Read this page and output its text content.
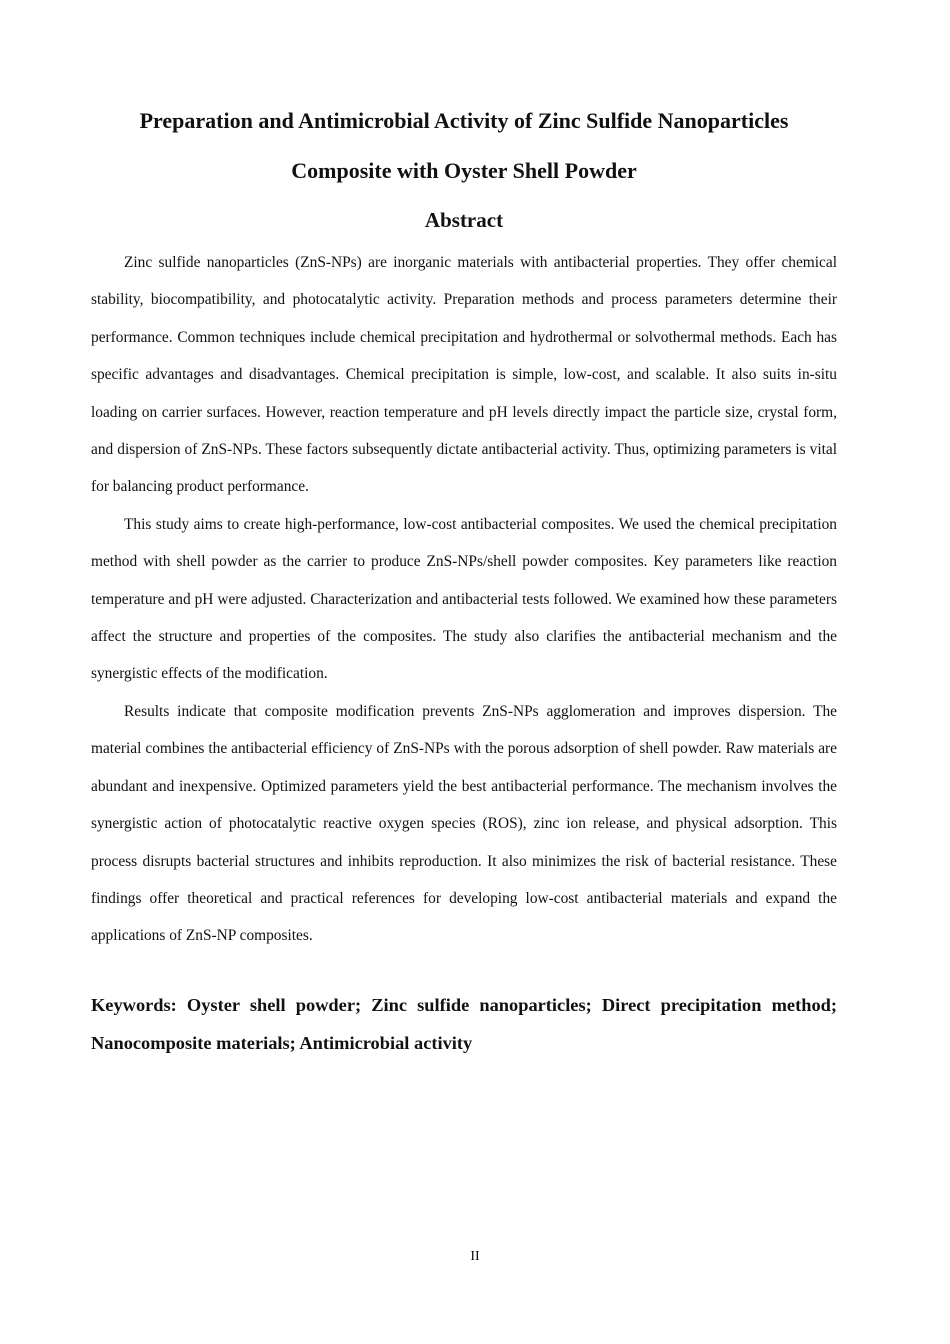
Preparation and Antimicrobial Activity of Zinc Sulfide Nanoparticles
Composite with Oyster Shell Powder
Abstract

Zinc sulfide nanoparticles (ZnS-NPs) are inorganic materials with antibacterial properties. They offer chemical stability, biocompatibility, and photocatalytic activity. Preparation methods and process parameters determine their performance. Common techniques include chemical precipitation and hydrothermal or solvothermal methods. Each has specific advantages and disadvantages. Chemical precipitation is simple, low-cost, and scalable. It also suits in-situ loading on carrier surfaces. However, reaction temperature and pH levels directly impact the particle size, crystal form, and dispersion of ZnS-NPs. These factors subsequently dictate antibacterial activity. Thus, optimizing parameters is vital for balancing product performance.

This study aims to create high-performance, low-cost antibacterial composites. We used the chemical precipitation method with shell powder as the carrier to produce ZnS-NPs/shell powder composites. Key parameters like reaction temperature and pH were adjusted. Characterization and antibacterial tests followed. We examined how these parameters affect the structure and properties of the composites. The study also clarifies the antibacterial mechanism and the synergistic effects of the modification.

Results indicate that composite modification prevents ZnS-NPs agglomeration and improves dispersion. The material combines the antibacterial efficiency of ZnS-NPs with the porous adsorption of shell powder. Raw materials are abundant and inexpensive. Optimized parameters yield the best antibacterial performance. The mechanism involves the synergistic action of photocatalytic reactive oxygen species (ROS), zinc ion release, and physical adsorption. This process disrupts bacterial structures and inhibits reproduction. It also minimizes the risk of bacterial resistance. These findings offer theoretical and practical references for developing low-cost antibacterial materials and expand the applications of ZnS-NP composites.

Keywords: Oyster shell powder; Zinc sulfide nanoparticles; Direct precipitation method; Nanocomposite materials; Antimicrobial activity

II
